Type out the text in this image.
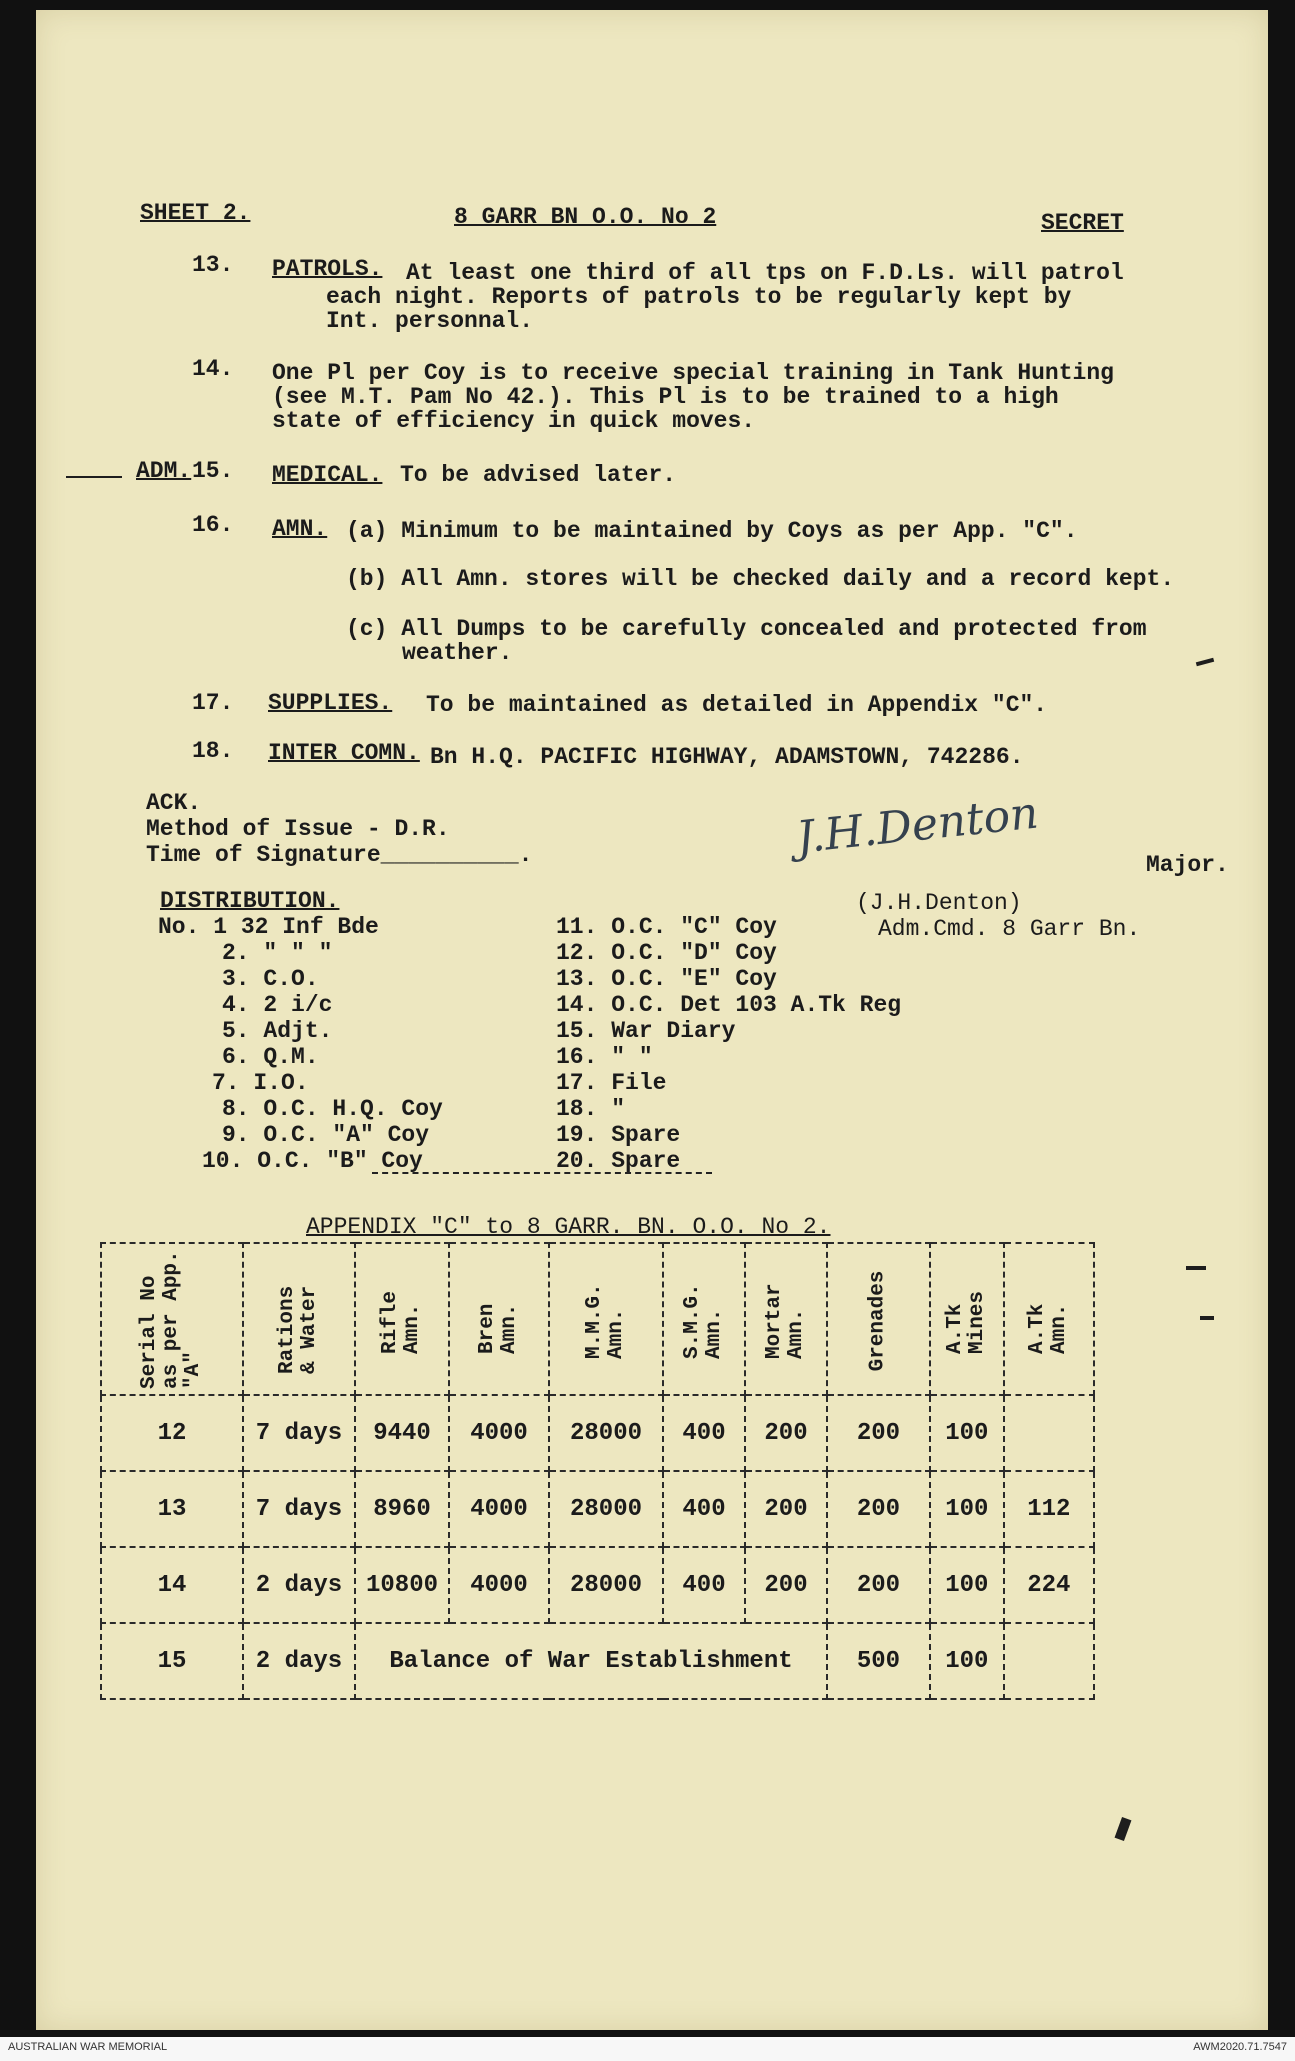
SHEET 2.	8 GARR BN O.O. No 2	SECRET
13. PATROLS. At least one third of all tps on F.D.Ls. will patrol
each night. Reports of patrols to be regularly kept by
Int. personnal.
14. One Pl per Coy is to receive special training in Tank Hunting
(see M.T. Pam No 42.). This Pl is to be trained to a high
state of efficiency in quick moves.
ADM. 15. MEDICAL. To be advised later.
16. AMN. (a) Minimum to be maintained by Coys as per App. "C".
(b) All Amn. stores will be checked daily and a record kept.
(c) All Dumps to be carefully concealed and protected from
weather.
17. SUPPLIES. To be maintained as detailed in Appendix "C".
18. INTER COMN. Bn H.Q. PACIFIC HIGHWAY, ADAMSTOWN, 742286.
ACK.
Method of Issue - D.R.
Time of Signature__________.	J.H.Denton
Major.
(J.H.Denton)
Adm.Cmd. 8 Garr Bn.
DISTRIBUTION.
No. 1 32 Inf Bde
2. " " "
3. C.O.
4. 2 i/c
5. Adjt.
6. Q.M.
7. I.O.
8. O.C. H.Q. Coy
9. O.C. "A" Coy
10. O.C. "B" Coy
11. O.C. "C" Coy
12. O.C. "D" Coy
13. O.C. "E" Coy
14. O.C. Det 103 A.Tk Reg
15. War Diary
16. " "
17. File
18. "
19. Spare
20. Spare
APPENDIX "C" to 8 GARR. BN. O.O. No 2.
Serial No as per App. "A"	Rations & Water	Rifle Amn.	Bren Amn.	M.M.G. Amn.	S.M.G. Amn.	Mortar Amn.	Grenades	A.Tk Mines	A.Tk Amn.
12	7 days	9440	4000	28000	400	200	200	100	
13	7 days	8960	4000	28000	400	200	200	100	112
14	2 days	10800	4000	28000	400	200	200	100	224
15	2 days	Balance of War Establishment					500	100	
AUSTRALIAN WAR MEMORIAL	AWM2020.71.7547
